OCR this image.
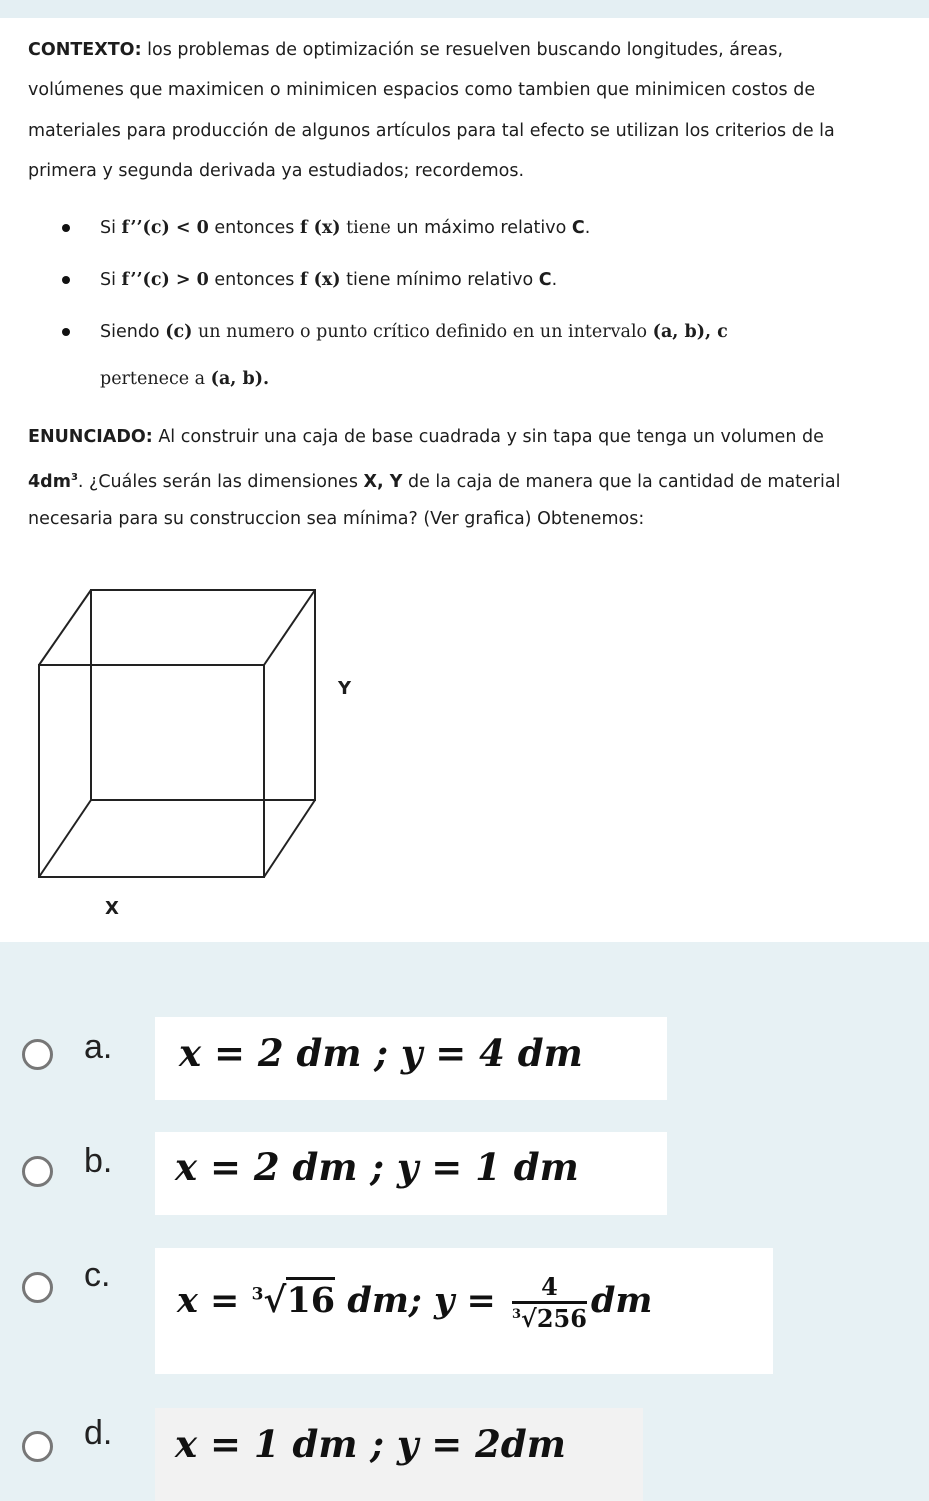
CONTEXTO: los problemas de optimización se resuelven buscando longitudes, áreas,
volúmenes que maximicen o minimicen espacios como tambien que minimicen costos de
materiales para producción de algunos artículos para tal efecto se utilizan los criterios de la
primera y segunda derivada ya estudiados; recordemos.
Si f’’(c) < 0 entonces f (x) tiene un máximo relativo C.
Si f’’(c) > 0 entonces f (x) tiene mínimo relativo C.
Siendo (c) un numero o punto crítico definido en un intervalo (a, b), c
pertenece a (a, b).
ENUNCIADO: Al construir una caja de base cuadrada y sin tapa que tenga un volumen de
$4dm^3$. ¿Cuáles serán las dimensiones X, Y de la caja de manera que la cantidad de material
necesaria para su construccion sea mínima? (Ver grafica) Obtenemos:
Y
X
a. x = 2 dm ; y = 4 dm
b. x = 2 dm ; y = 1 dm
c.
x = $^3$√16 dm; $y = \frac{4}{^3√256}$ dm
d. x = 1 dm ; y = 2dm
